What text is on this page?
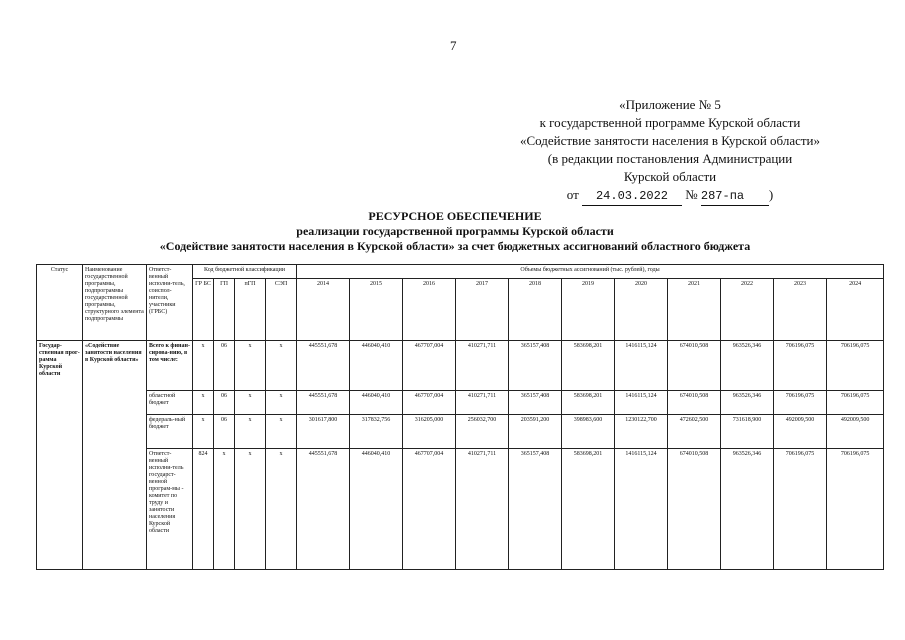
7
«Приложение № 5
к государственной программе Курской области
«Содействие занятости населения в Курской области»
(в редакции постановления Администрации
Курской области
от 24.03.2022 № 287-па )
РЕСУРСНОЕ ОБЕСПЕЧЕНИЕ
реализации государственной программы Курской области
«Содействие занятости населения в Курской области» за счет бюджетных ассигнований областного бюджета
Статус	Наименование государственной программы, подпрограммы государственной программы, структурного элемента подпрограммы	Ответст-венный исполни-тель, соиспол-нители, участники (ГРБС)	Код бюджетной классификации				Объемы бюджетных ассигнований (тыс. рублей), годы										
			ГР БС	ГП	пГП	СЭП	2014	2015	2016	2017	2018	2019	2020	2021	2022	2023	2024
Государ-ственная прог-рамма Курской области	«Содействие занятости населения в Курской области»	Всего к финан-сирова-нию, в том числе:	х	06	х	х	445551,678	446040,410	467707,004	410271,711	365157,408	583698,201	1416115,124	674010,508	963526,346	706196,075	706196,075
		областной бюджет	х	06	х	х	445551,678	446040,410	467707,004	410271,711	365157,408	583698,201	1416115,124	674010,508	963526,346	706196,075	706196,075
		федераль-ный бюджет	х	06	х	х	301617,800	317832,756	316205,000	256032,700	203591,200	398983,600	1230122,700	472602,500	731618,900	492009,500	492009,500
		Ответст-венный исполни-тель государст-венной програм-мы - комитет по труду и занятости населения Курской области	824	х	х	х	445551,678	446040,410	467707,004	410271,711	365157,408	583698,201	1416115,124	674010,508	963526,346	706196,075	706196,075
